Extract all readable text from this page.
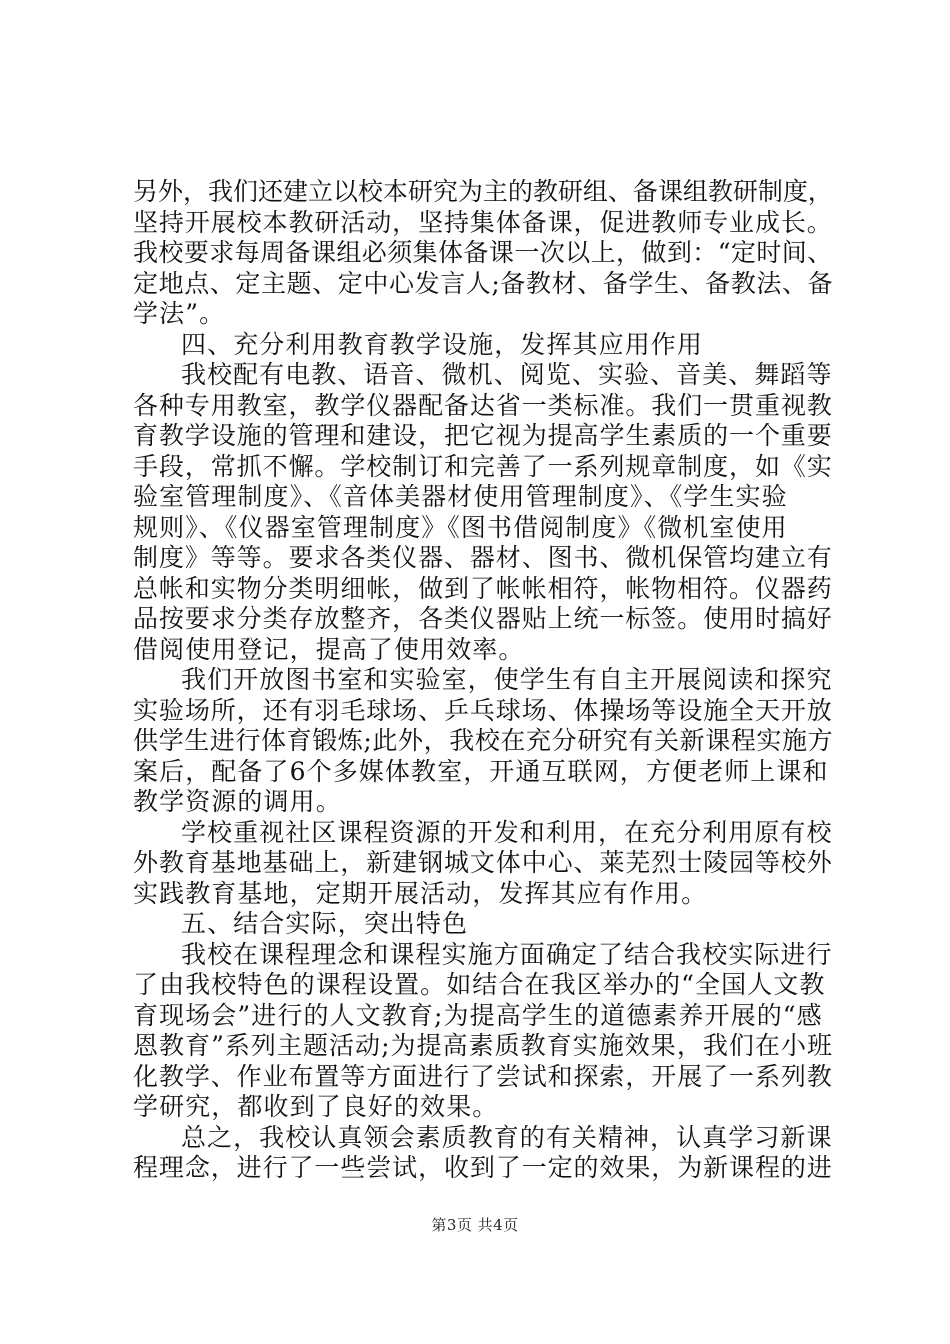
另外，我们还建立以校本研究为主的教研组、备课组教研制度，
坚持开展校本教研活动，坚持集体备课，促进教师专业成长。
我校要求每周备课组必须集体备课一次以上，做到：“定时间、
定地点、定主题、定中心发言人;备教材、备学生、备教法、备
学法”。
四、充分利用教育教学设施，发挥其应用作用
我校配有电教、语音、微机、阅览、实验、音美、舞蹈等
各种专用教室，教学仪器配备达省一类标准。我们一贯重视教
育教学设施的管理和建设，把它视为提高学生素质的一个重要
手段，常抓不懈。学校制订和完善了一系列规章制度，如《实
验室管理制度》、《音体美器材使用管理制度》、《学生实验
规则》、《仪器室管理制度》《图书借阅制度》《微机室使用
制度》等等。要求各类仪器、器材、图书、微机保管均建立有
总帐和实物分类明细帐，做到了帐帐相符，帐物相符。仪器药
品按要求分类存放整齐，各类仪器贴上统一标签。使用时搞好
借阅使用登记，提高了使用效率。
我们开放图书室和实验室，使学生有自主开展阅读和探究
实验场所，还有羽毛球场、乒乓球场、体操场等设施全天开放
供学生进行体育锻炼;此外，我校在充分研究有关新课程实施方
案后，配备了6个多媒体教室，开通互联网，方便老师上课和
教学资源的调用。
学校重视社区课程资源的开发和利用，在充分利用原有校
外教育基地基础上，新建钢城文体中心、莱芜烈士陵园等校外
实践教育基地，定期开展活动，发挥其应有作用。
五、结合实际，突出特色
我校在课程理念和课程实施方面确定了结合我校实际进行
了由我校特色的课程设置。如结合在我区举办的“全国人文教
育现场会”进行的人文教育;为提高学生的道德素养开展的“感
恩教育”系列主题活动;为提高素质教育实施效果，我们在小班
化教学、作业布置等方面进行了尝试和探索，开展了一系列教
学研究，都收到了良好的效果。
总之，我校认真领会素质教育的有关精神，认真学习新课
程理念，进行了一些尝试，收到了一定的效果，为新课程的进
第3页 共4页
